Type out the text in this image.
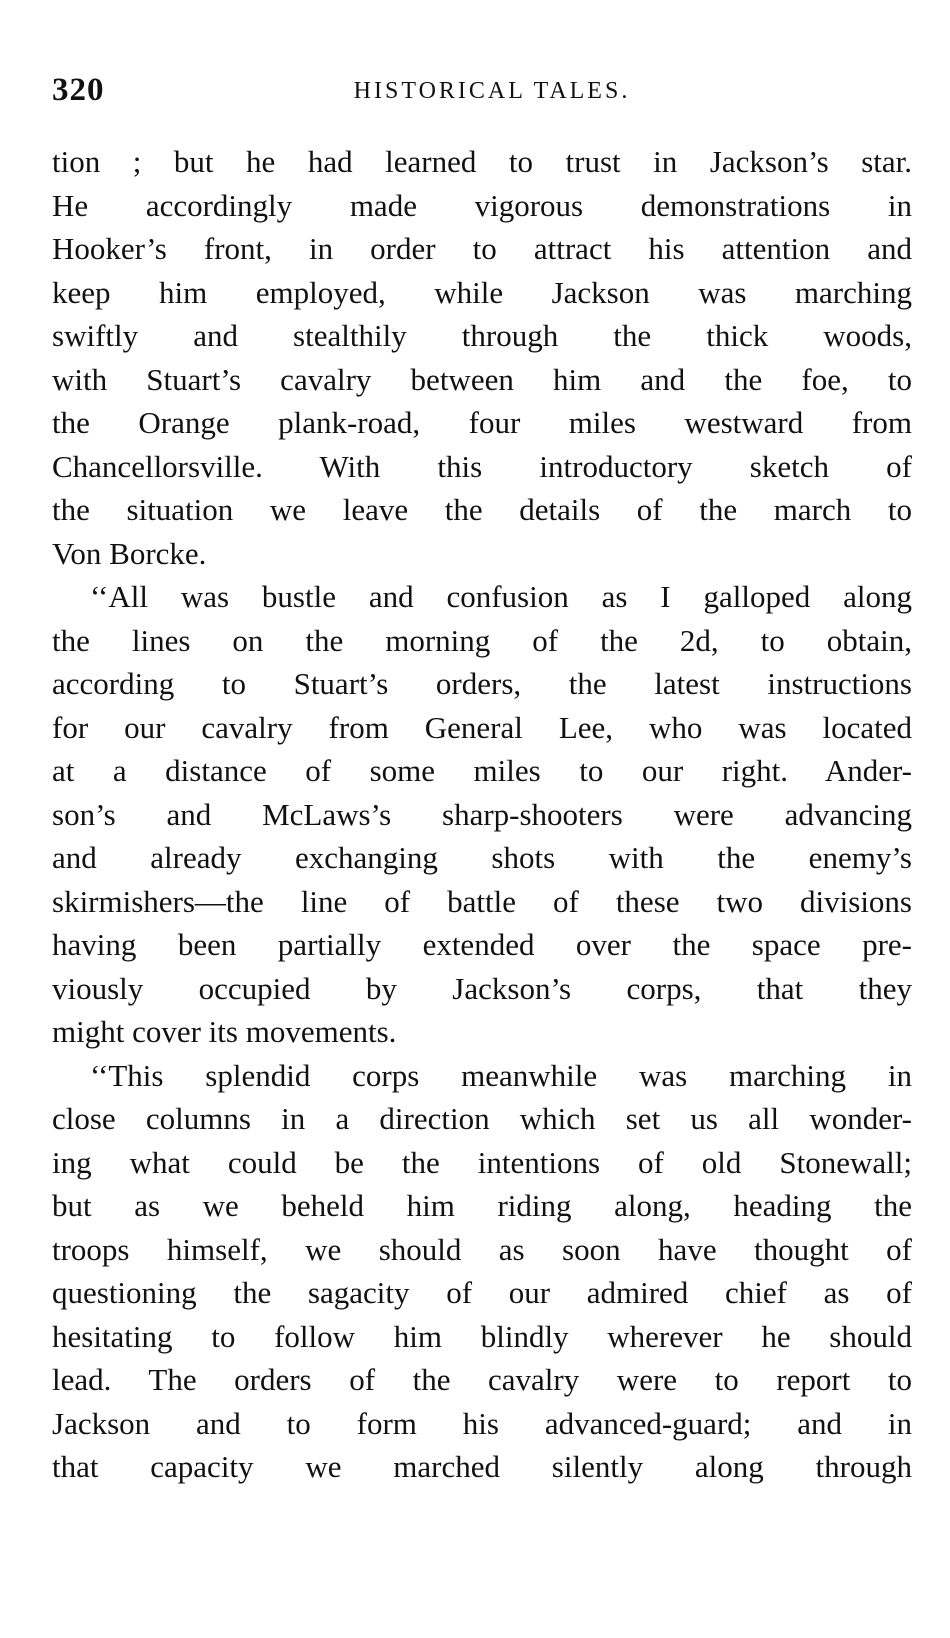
320	HISTORICAL TALES.
tion ; but he had learned to trust in Jackson’s star.
He accordingly made vigorous demonstrations in
Hooker’s front, in order to attract his attention and
keep him employed, while Jackson was marching
swiftly and stealthily through the thick woods,
with Stuart’s cavalry between him and the foe, to
the Orange plank-road, four miles westward from
Chancellorsville. With this introductory sketch of
the situation we leave the details of the march to
Von Borcke.
‘‘All was bustle and confusion as I galloped along
the lines on the morning of the 2d, to obtain,
according to Stuart’s orders, the latest instructions
for our cavalry from General Lee, who was located
at a distance of some miles to our right. Ander-
son’s and McLaws’s sharp-shooters were advancing
and already exchanging shots with the enemy’s
skirmishers—the line of battle of these two divisions
having been partially extended over the space pre-
viously occupied by Jackson’s corps, that they
might cover its movements.
‘‘This splendid corps meanwhile was marching in
close columns in a direction which set us all wonder-
ing what could be the intentions of old Stonewall;
but as we beheld him riding along, heading the
troops himself, we should as soon have thought of
questioning the sagacity of our admired chief as of
hesitating to follow him blindly wherever he should
lead. The orders of the cavalry were to report to
Jackson and to form his advanced-guard; and in
that capacity we marched silently along through
